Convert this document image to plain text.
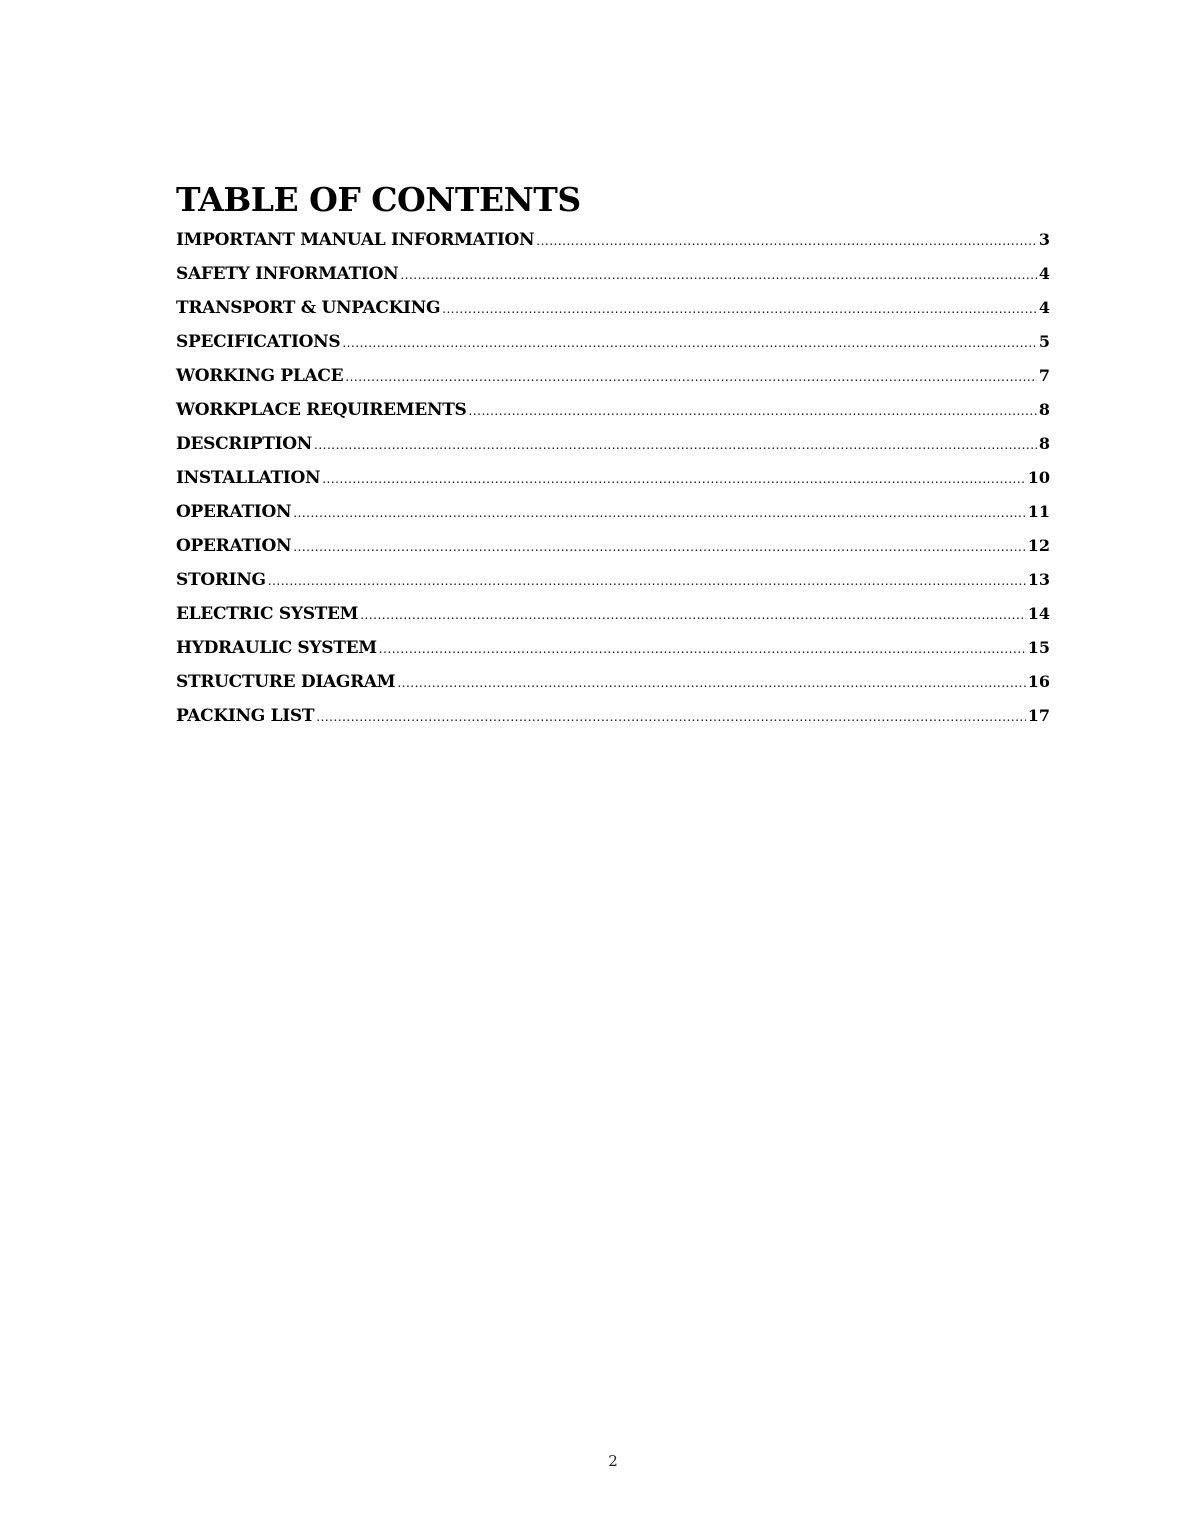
TABLE OF CONTENTS
IMPORTANT MANUAL INFORMATION .....	3
SAFETY INFORMATION .....	4
TRANSPORT & UNPACKING .....	4
SPECIFICATIONS .....	5
WORKING PLACE .....	7
WORKPLACE REQUIREMENTS .....	8
DESCRIPTION .....	8
INSTALLATION .....	10
OPERATION .....	11
OPERATION .....	12
STORING .....	13
ELECTRIC SYSTEM .....	14
HYDRAULIC SYSTEM .....	15
STRUCTURE DIAGRAM .....	16
PACKING LIST .....	17
2
